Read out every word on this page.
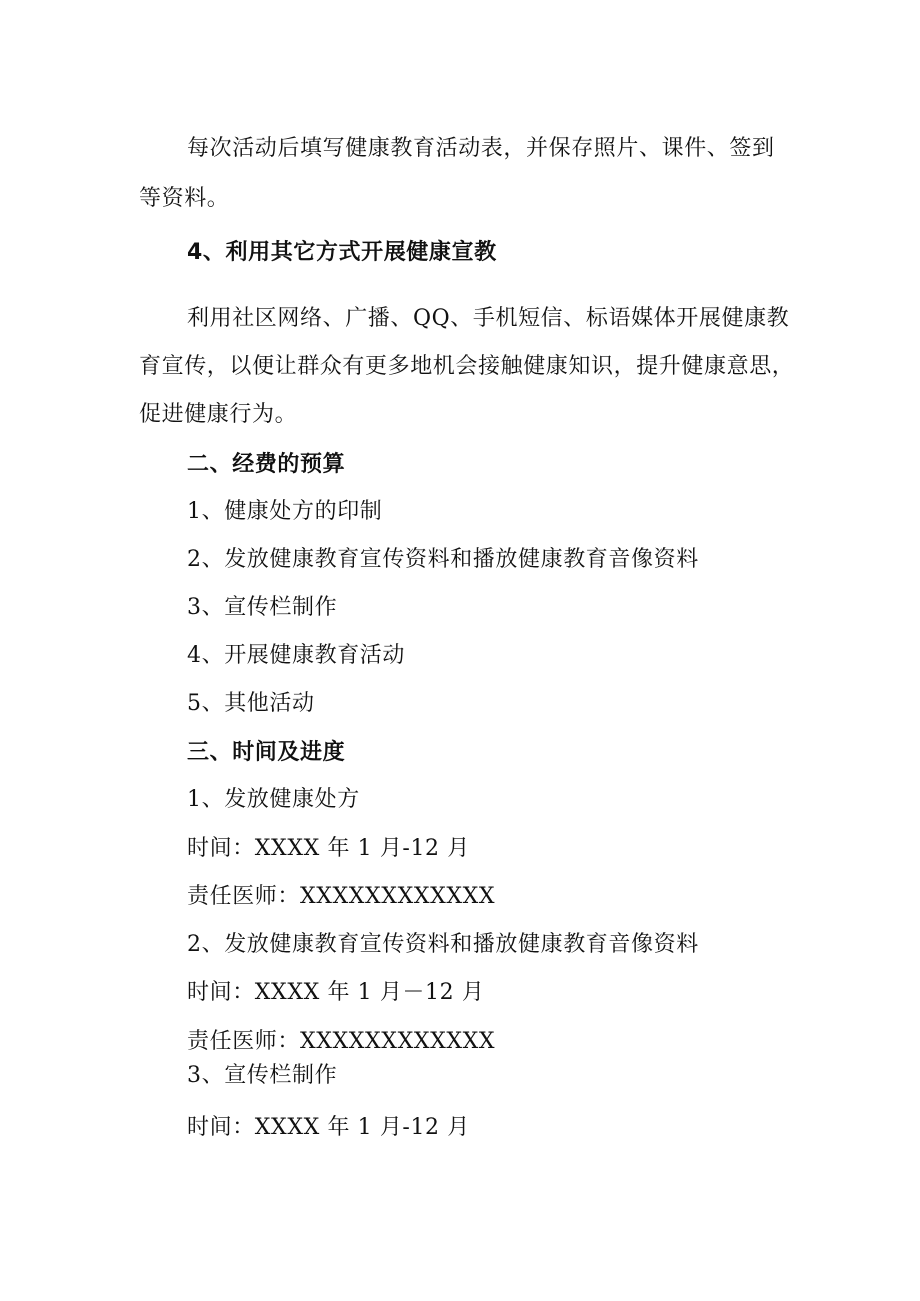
每次活动后填写健康教育活动表，并保存照片、课件、签到
等资料。
4、利用其它方式开展健康宣教
利用社区网络、广播、QQ、手机短信、标语媒体开展健康教
育宣传，以便让群众有更多地机会接触健康知识，提升健康意思，
促进健康行为。
二、经费的预算
1、健康处方的印制
2、发放健康教育宣传资料和播放健康教育音像资料
3、宣传栏制作
4、开展健康教育活动
5、其他活动
三、时间及进度
1、发放健康处方
时间：XXXX 年 1 月-12 月
责任医师：XXXXXXXXXXXX
2、发放健康教育宣传资料和播放健康教育音像资料
时间：XXXX 年 1 月－12 月
责任医师：XXXXXXXXXXXX
3、宣传栏制作
时间：XXXX 年 1 月-12 月
